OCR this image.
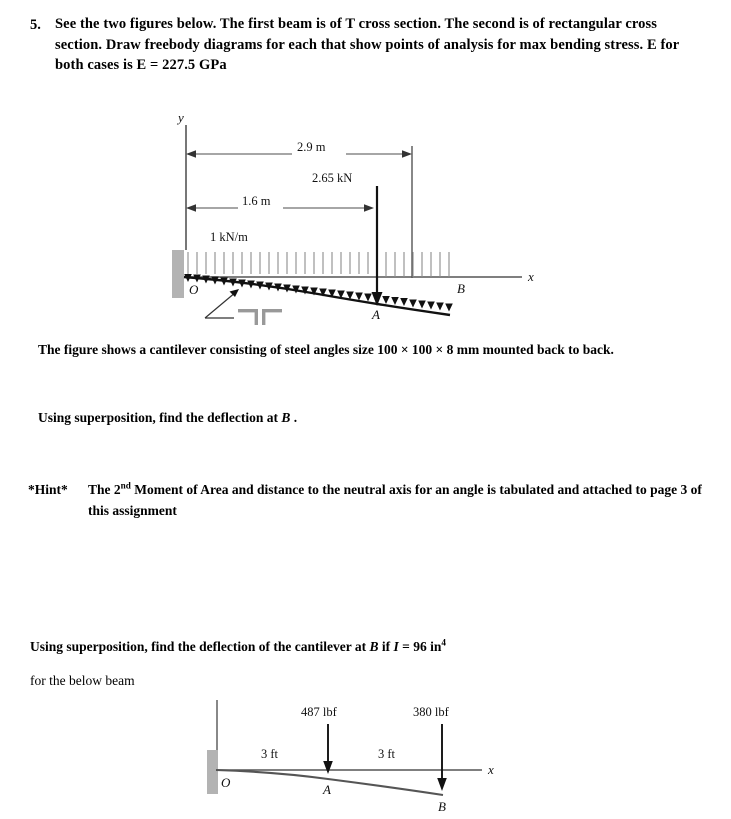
5. See the two figures below. The first beam is of T cross section. The second is of rectangular cross section. Draw freebody diagrams for each that show points of analysis for max bending stress. E for both cases is E = 227.5 GPa
y
2.9 m
2.65 kN
1.6 m
1 kN/m
x
O
A
B
The figure shows a cantilever consisting of steel angles size 100 × 100 × 8 mm mounted back to back.
Using superposition, find the deflection at B .
*Hint* The 2nd Moment of Area and distance to the neutral axis for an angle is tabulated and attached to page 3 of this assignment
Using superposition, find the deflection of the cantilever at B if I = 96 $in^4$
for the below beam
x
487 lbf	380 lbf
3 ft	3 ft
O	A
B
